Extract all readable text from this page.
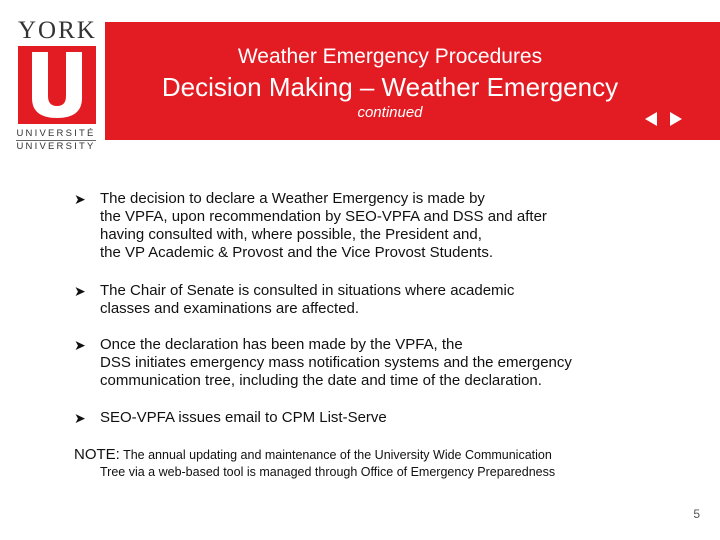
YORK
UNIVERSITÉ
UNIVERSITY
Weather Emergency Procedures
Decision Making – Weather Emergency
continued
➤ The decision to declare a Weather Emergency is made by
the VPFA, upon recommendation by SEO-VPFA and DSS and after
having consulted with, where possible, the President and,
the VP Academic & Provost and the Vice Provost Students.
➤ The Chair of Senate is consulted in situations where academic
classes and examinations are affected.
➤ Once the declaration has been made by the VPFA, the
DSS initiates emergency mass notification systems and the emergency
communication tree, including the date and time of the declaration.
➤ SEO-VPFA issues email to CPM List-Serve
NOTE: The annual updating and maintenance of the University Wide Communication
Tree via a web-based tool is managed through Office of Emergency Preparedness
5
